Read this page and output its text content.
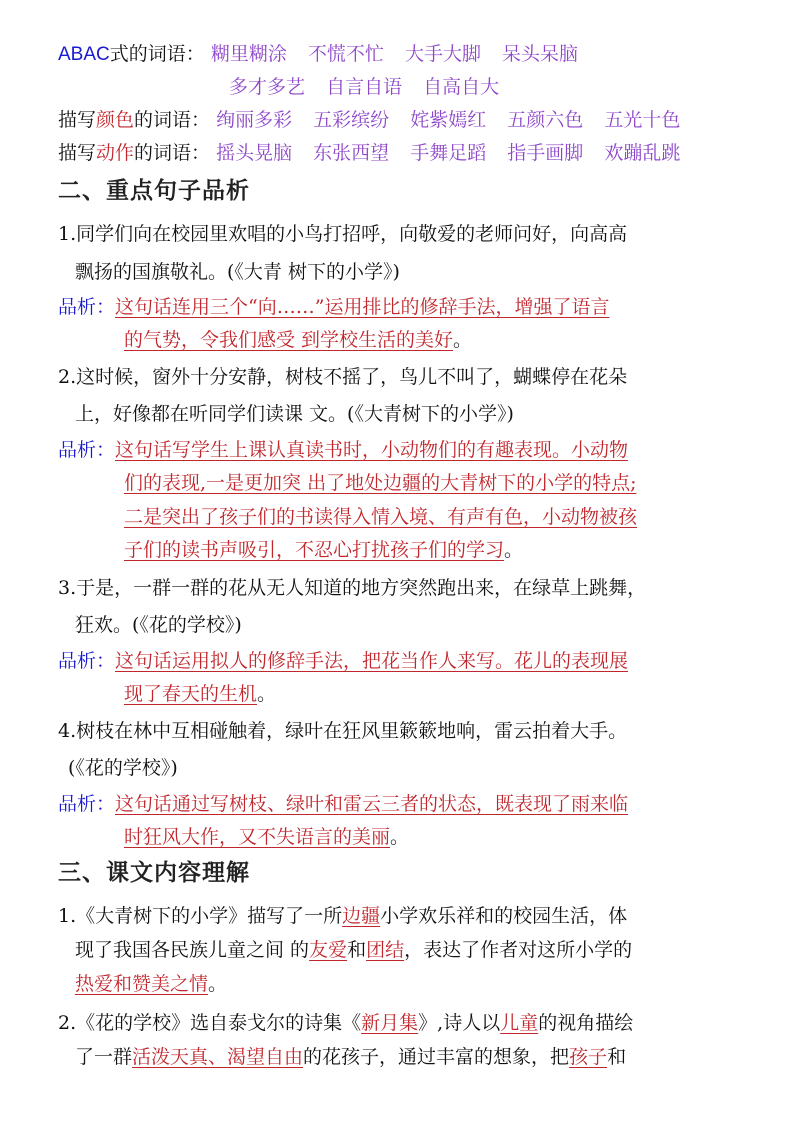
ABAC式的词语： 糊里糊涂 不慌不忙 大手大脚 呆头呆脑
多才多艺 自言自语 自高自大
描写颜色的词语： 绚丽多彩 五彩缤纷 姹紫嫣红 五颜六色 五光十色
描写动作的词语： 摇头晃脑 东张西望 手舞足蹈 指手画脚 欢蹦乱跳
二、重点句子品析
1.同学们向在校园里欢唱的小鸟打招呼，向敬爱的老师问好，向高高
飘扬的国旗敬礼。(《大青 树下的小学》)
品析：这句话连用三个“向……”运用排比的修辞手法，增强了语言
的气势，令我们感受 到学校生活的美好。
2.这时候，窗外十分安静，树枝不摇了，鸟儿不叫了，蝴蝶停在花朵
上，好像都在听同学们读课 文。(《大青树下的小学》)
品析：这句话写学生上课认真读书时，小动物们的有趣表现。小动物
们的表现,一是更加突 出了地处边疆的大青树下的小学的特点;
二是突出了孩子们的书读得入情入境、有声有色，小动物被孩
子们的读书声吸引，不忍心打扰孩子们的学习。
3.于是，一群一群的花从无人知道的地方突然跑出来，在绿草上跳舞，
狂欢。(《花的学校》)
品析：这句话运用拟人的修辞手法，把花当作人来写。花儿的表现展
现了春天的生机。
4.树枝在林中互相碰触着，绿叶在狂风里簌簌地响，雷云拍着大手。
(《花的学校》)
品析：这句话通过写树枝、绿叶和雷云三者的状态，既表现了雨来临
时狂风大作，又不失语言的美丽。
三、课文内容理解
1.《大青树下的小学》描写了一所边疆小学欢乐祥和的校园生活，体
现了我国各民族儿童之间 的友爱和团结，表达了作者对这所小学的
热爱和赞美之情。
2.《花的学校》选自泰戈尔的诗集《新月集》,诗人以儿童的视角描绘
了一群活泼天真、渴望自由的花孩子，通过丰富的想象，把孩子和
